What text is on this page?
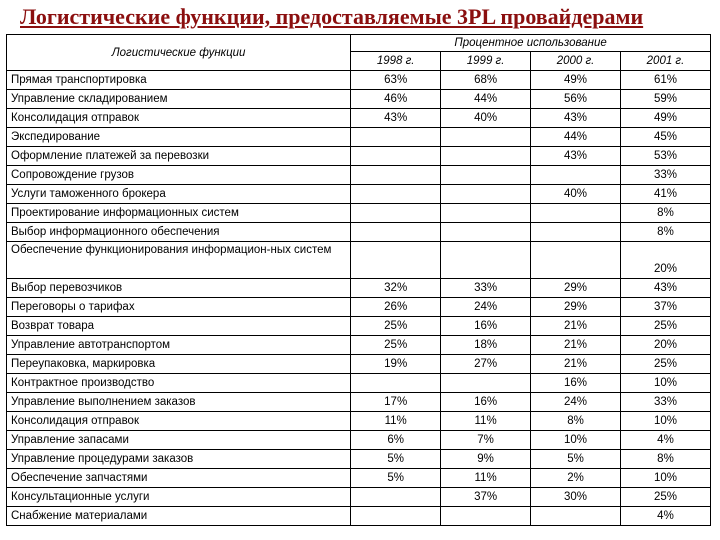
Логистические функции, предоставляемые 3PL провайдерами
Логистические функции	Процентное использование			
	1998 г.	1999 г.	2000 г.	2001 г.
Прямая транспортировка	63%	68%	49%	61%
Управление складированием	46%	44%	56%	59%
Консолидация отправок	43%	40%	43%	49%
Экспедирование			44%	45%
Оформление платежей за перевозки			43%	53%
Сопровождение грузов				33%
Услуги таможенного брокера			40%	41%
Проектирование информационных систем				8%
Выбор информационного обеспечения				8%
Обеспечение функционирования информацион-ных систем				20%
Выбор перевозчиков	32%	33%	29%	43%
Переговоры о тарифах	26%	24%	29%	37%
Возврат товара	25%	16%	21%	25%
Управление автотранспортом	25%	18%	21%	20%
Переупаковка, маркировка	19%	27%	21%	25%
Контрактное производство			16%	10%
Управление выполнением заказов	17%	16%	24%	33%
Консолидация отправок	11%	11%	8%	10%
Управление запасами	6%	7%	10%	4%
Управление процедурами заказов	5%	9%	5%	8%
Обеспечение запчастями	5%	11%	2%	10%
Консультационные услуги		37%	30%	25%
Снабжение материалами				4%
